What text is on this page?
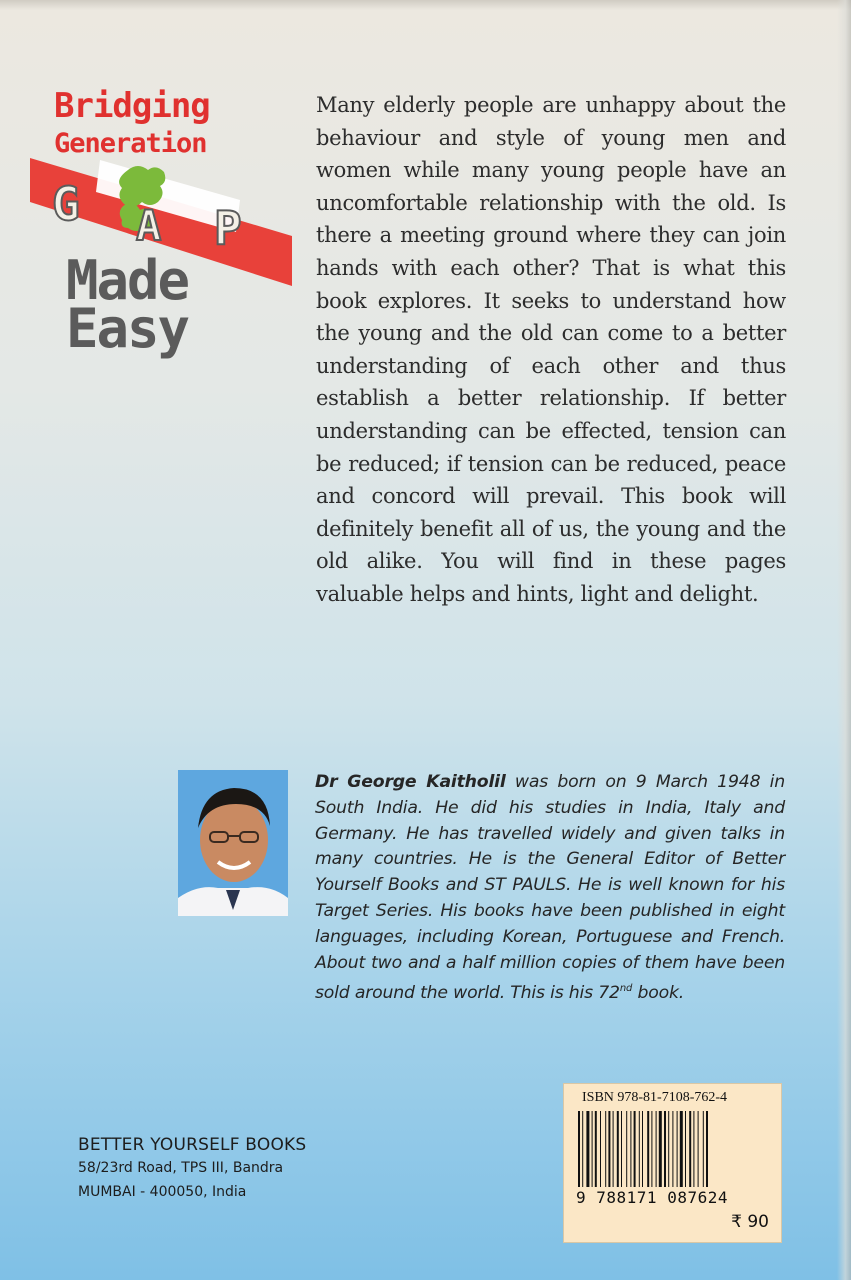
Bridging
Generation
G A P
Made
Easy
Many elderly people are unhappy about the behaviour and style of young men and women while many young people have an uncomfortable relationship with the old. Is there a meeting ground where they can join hands with each other? That is what this book explores. It seeks to understand how the young and the old can come to a better understanding of each other and thus establish a better relationship. If better understanding can be effected, tension can be reduced; if tension can be reduced, peace and concord will prevail. This book will definitely benefit all of us, the young and the old alike. You will find in these pages valuable helps and hints, light and delight.
Dr George Kaitholil was born on 9 March 1948 in South India. He did his studies in India, Italy and Germany. He has travelled widely and given talks in many countries. He is the General Editor of Better Yourself Books and ST PAULS. He is well known for his Target Series. His books have been published in eight languages, including Korean, Portuguese and French. About two and a half million copies of them have been sold around the world. This is his 72nd book.
BETTER YOURSELF BOOKS
58/23rd Road, TPS III, Bandra
MUMBAI - 400050, India
ISBN 978-81-7108-762-4
9 788171 087624
₹ 90
